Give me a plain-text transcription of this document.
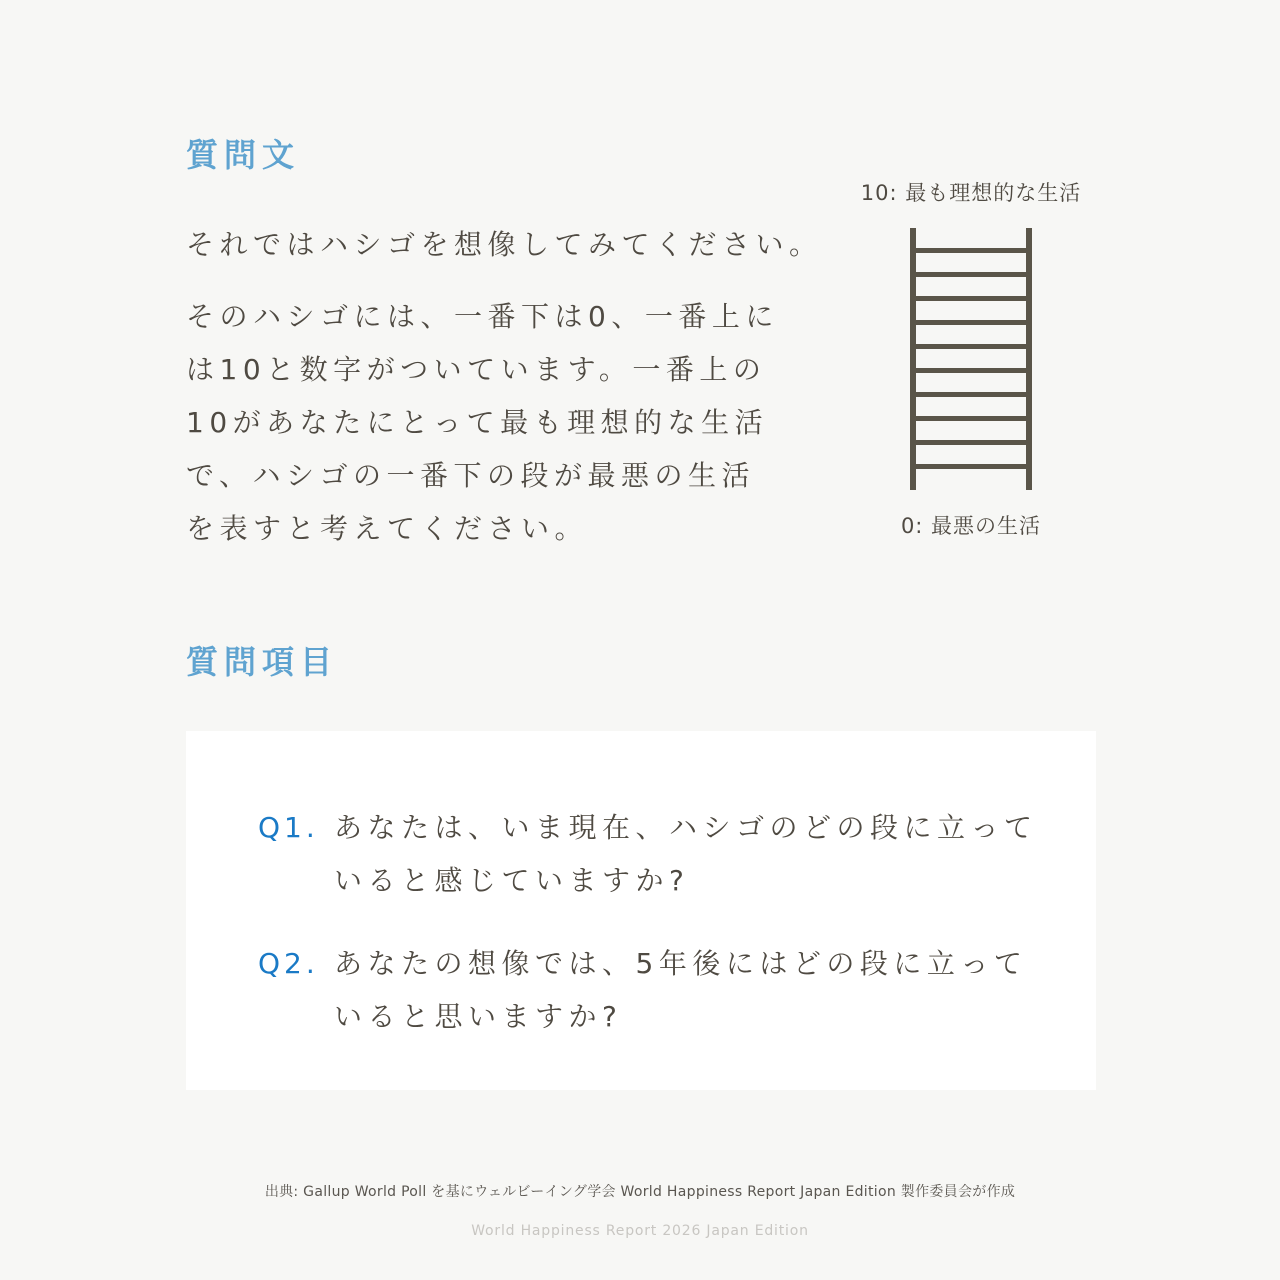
質問文

それではハシゴを想像してみてください。

そのハシゴには、一番下は0、一番上に
は10と数字がついています。一番上の
10があなたにとって最も理想的な生活
で、ハシゴの一番下の段が最悪の生活
を表すと考えてください。
10: 最も理想的な生活
0: 最悪の生活
質問項目
Q1. あなたは、いま現在、ハシゴのどの段に立って
いると感じていますか?
Q2. あなたの想像では、5年後にはどの段に立って
いると思いますか?
出典: Gallup World Poll を基にウェルビーイング学会 World Happiness Report Japan Edition 製作委員会が作成
World Happiness Report 2026 Japan Edition
